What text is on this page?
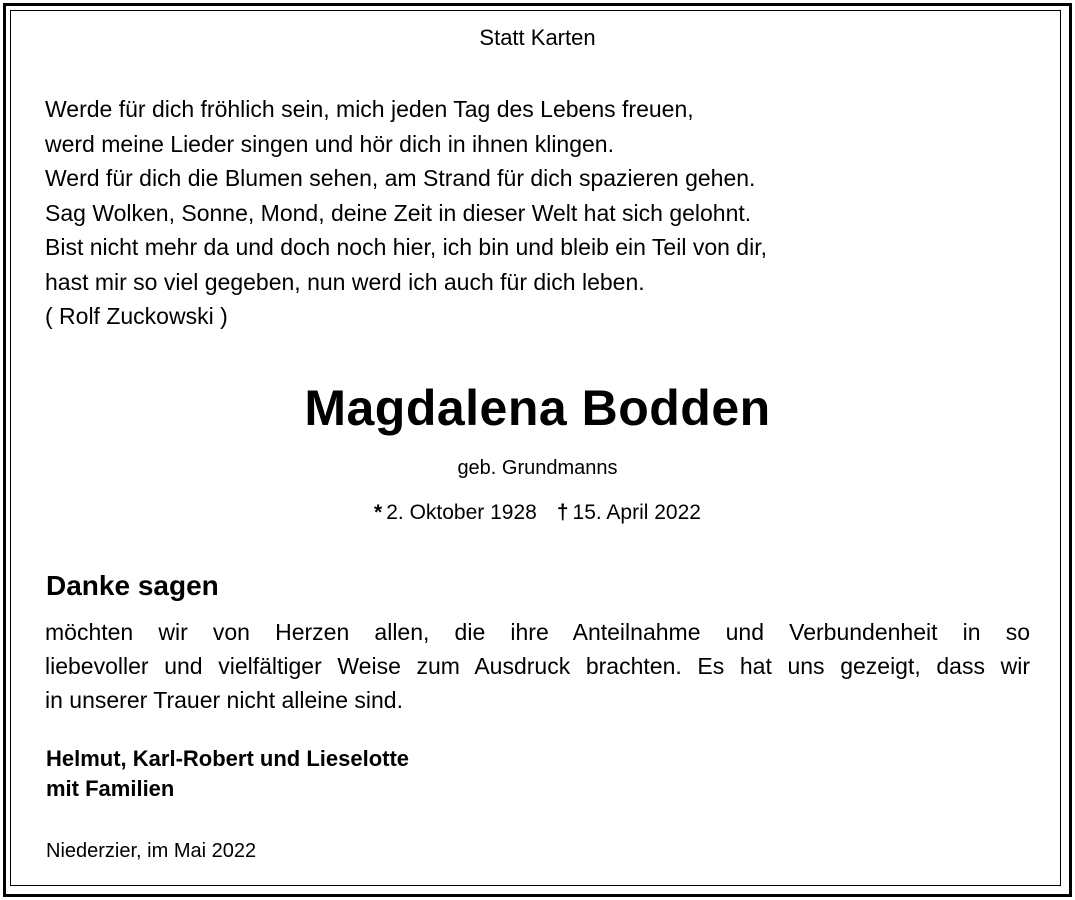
Statt Karten
Werde für dich fröhlich sein, mich jeden Tag des Lebens freuen,
werd meine Lieder singen und hör dich in ihnen klingen.
Werd für dich die Blumen sehen, am Strand für dich spazieren gehen.
Sag Wolken, Sonne, Mond, deine Zeit in dieser Welt hat sich gelohnt.
Bist nicht mehr da und doch noch hier, ich bin und bleib ein Teil von dir,
hast mir so viel gegeben, nun werd ich auch für dich leben.
( Rolf Zuckowski )
Magdalena Bodden
geb. Grundmanns
* 2. Oktober 1928 † 15. April 2022
Danke sagen
möchten wir von Herzen allen, die ihre Anteilnahme und Verbundenheit in so
liebevoller und vielfältiger Weise zum Ausdruck brachten. Es hat uns gezeigt, dass wir
in unserer Trauer nicht alleine sind.
Helmut, Karl-Robert und Lieselotte
mit Familien
Niederzier, im Mai 2022
